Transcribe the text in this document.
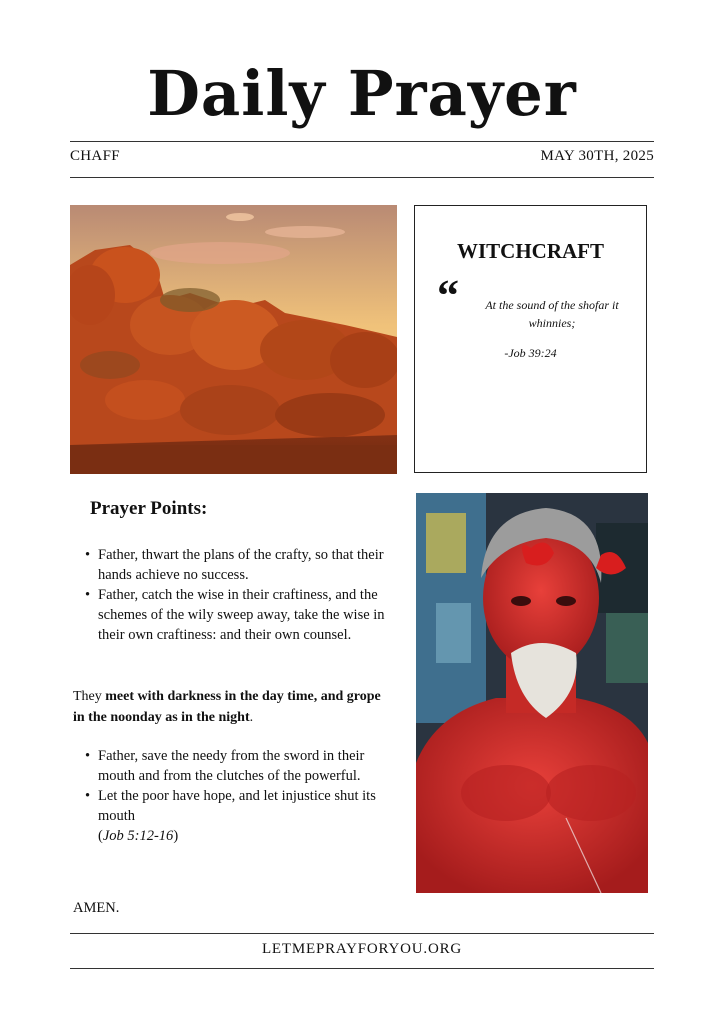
Daily Prayer
CHAFF	MAY 30TH, 2025
WITCHCRAFT
“	At the sound of the shofar it whinnies;
-Job 39:24
Prayer Points:
• Father, thwart the plans of the crafty, so that their hands achieve no success.
• Father, catch the wise in their craftiness, and the schemes of the wily sweep away, take the wise in their own craftiness: and their own counsel.
They meet with darkness in the day time, and grope in the noonday as in the night.
• Father, save the needy from the sword in their mouth and from the clutches of the powerful.
• Let the poor have hope, and let injustice shut its mouth
(Job 5:12-16)
AMEN.
LETMEPRAYFORYOU.ORG
